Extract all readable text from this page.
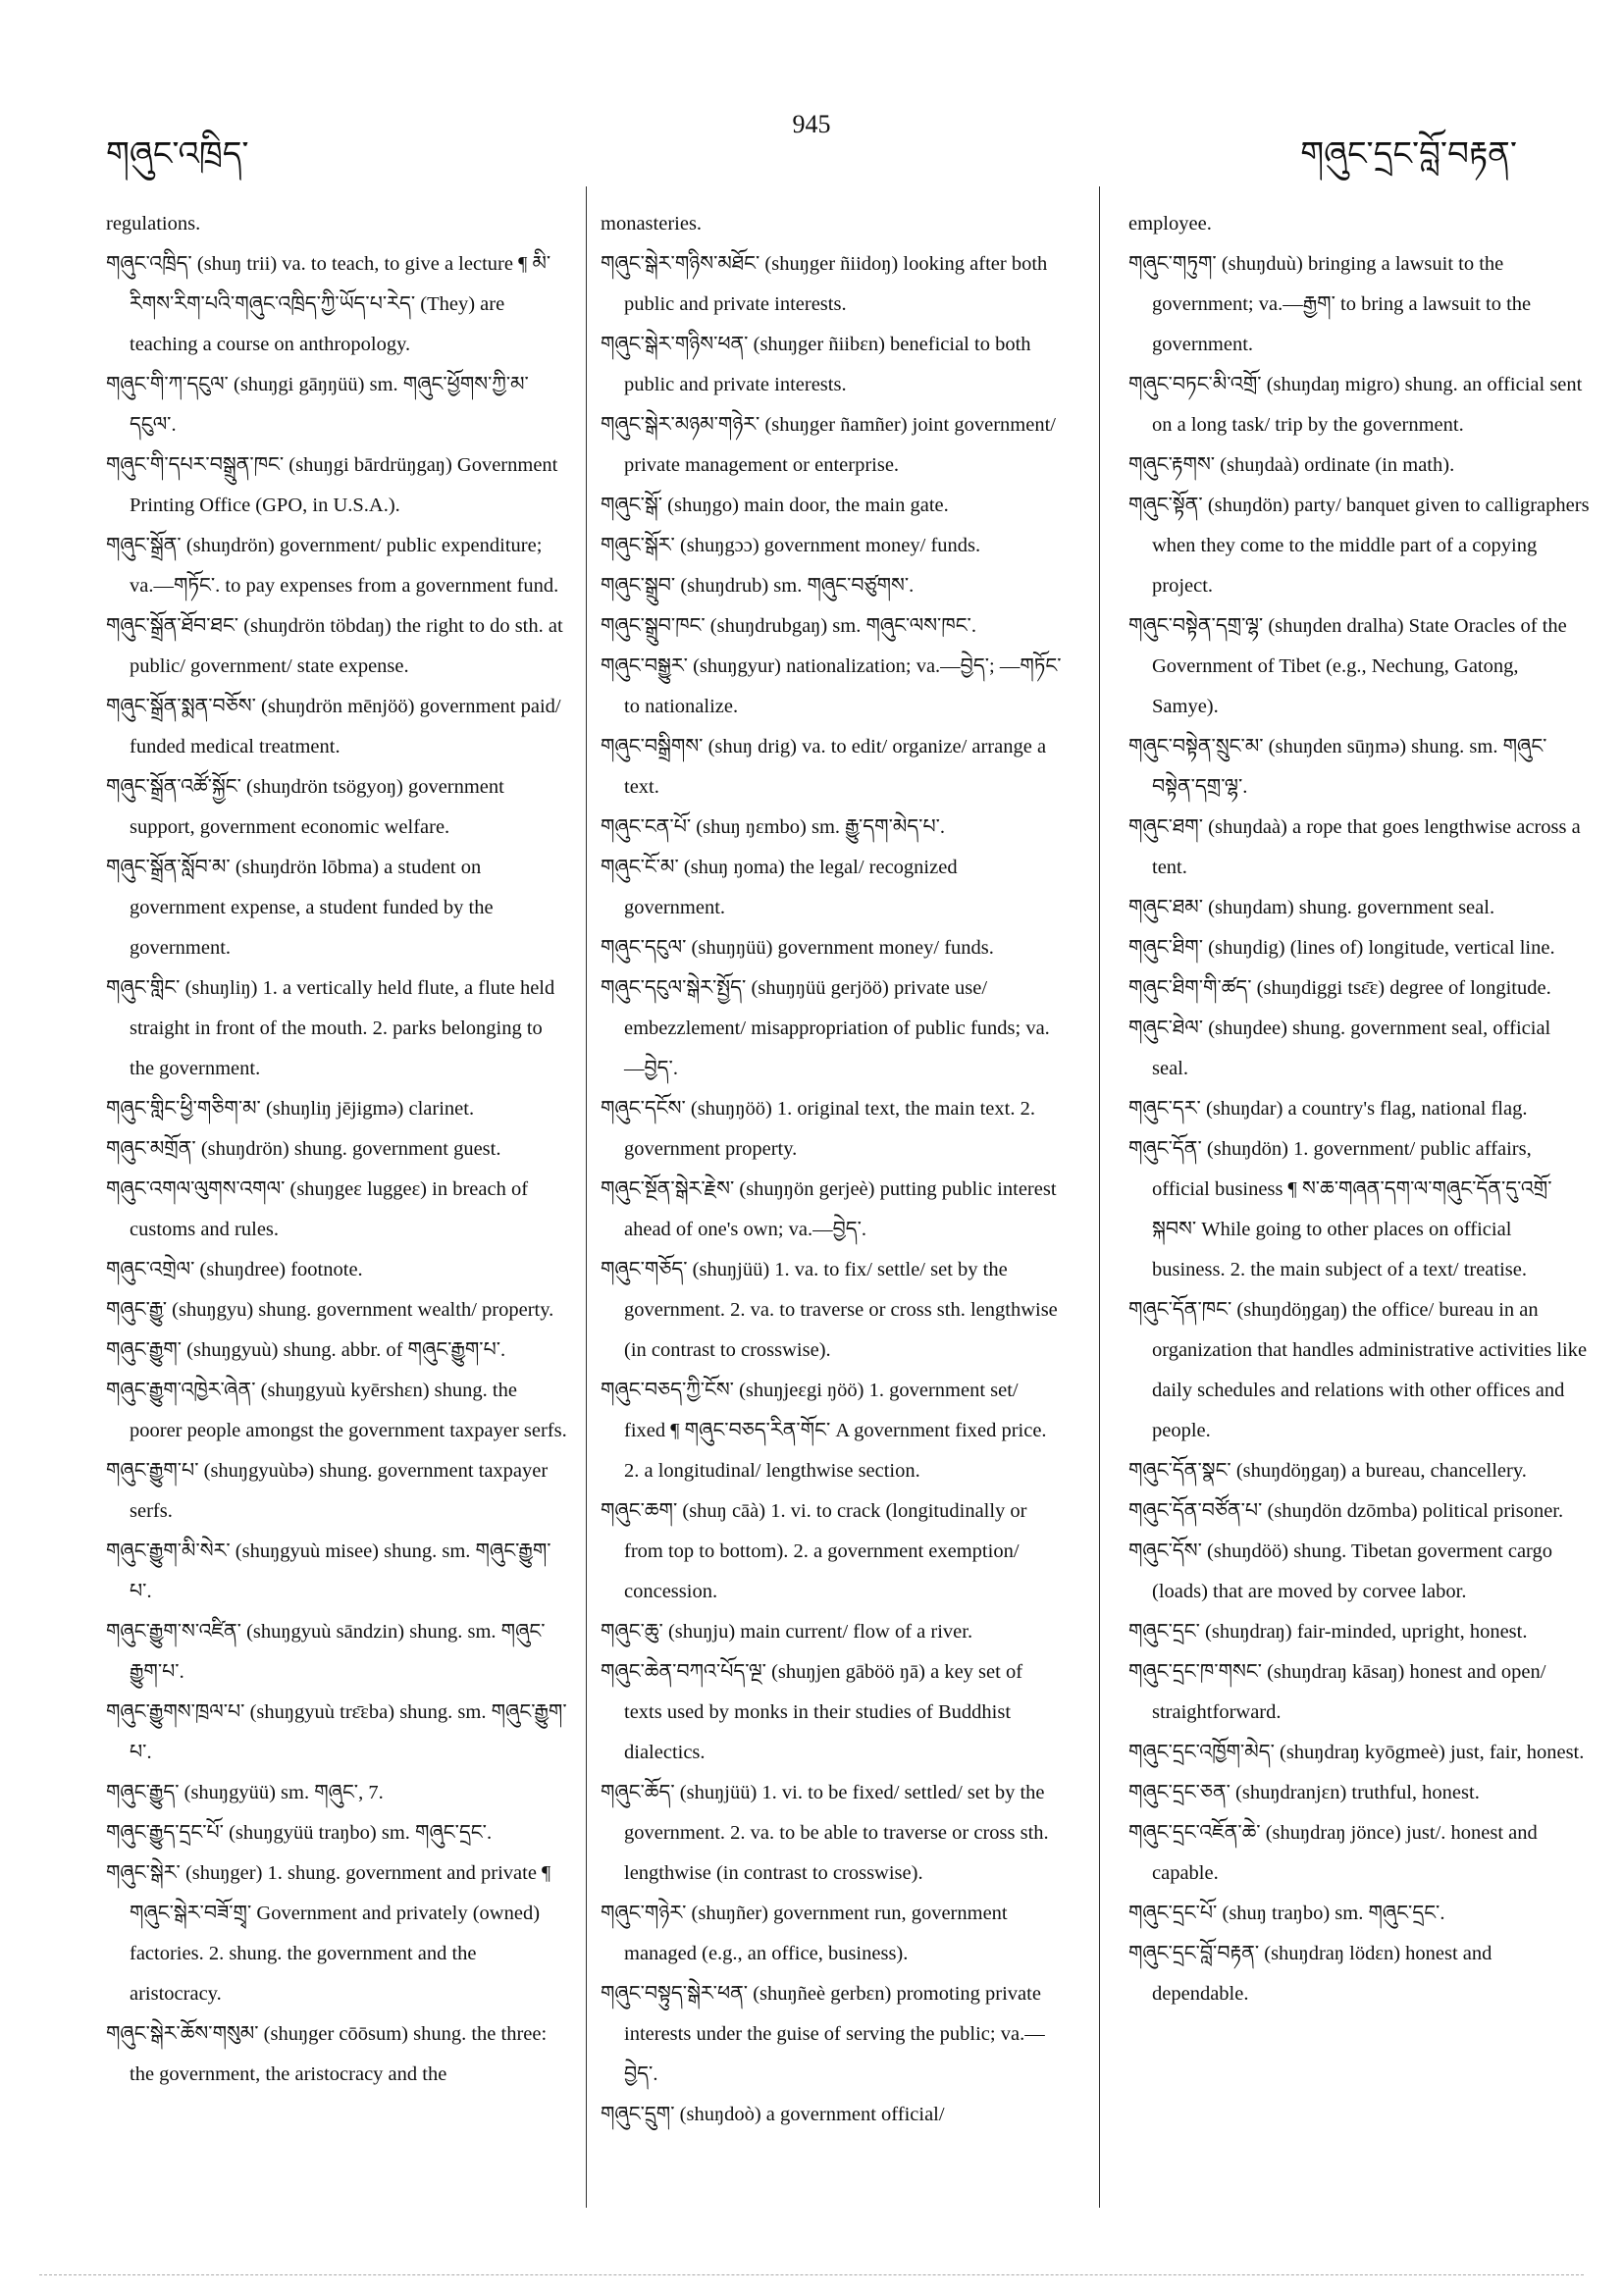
གཞུང་འཁྲིད་
945
གཞུང་དྲང་བློ་བརྟན་
regulations.
གཞུང་འཁྲིད་ (shuŋ trii) va. to teach, to give a lecture ¶ མི་རིགས་རིག་པའི་གཞུང་འཁྲིད་ཀྱི་ཡོད་པ་རེད་ (They) are teaching a course on anthropology.
གཞུང་གི་ཀ་དངུལ་ (shuŋgi gāŋŋüü) sm. གཞུང་ཕྱོགས་ཀྱི་མ་དངུལ་.
གཞུང་གི་དཔར་བསྒྲུན་ཁང་ (shuŋgi bārdrüŋgaŋ) Government Printing Office (GPO, in U.S.A.).
གཞུང་སྒྲོན་ (shuŋdrön) government/ public expenditure; va.—གཏོང་. to pay expenses from a government fund.
གཞུང་སྒྲོན་ཐོབ་ཐང་ (shuŋdrön töbdaŋ) the right to do sth. at public/ government/ state expense.
གཞུང་སྒྲོན་སྨན་བཅོས་ (shuŋdrön mēnjöö) government paid/ funded medical treatment.
གཞུང་སྒྲོན་འཚོ་སྐྱོང་ (shuŋdrön tsögyoŋ) government support, government economic welfare.
གཞུང་སྒྲོན་སློབ་མ་ (shuŋdrön lōbma) a student on government expense, a student funded by the government.
གཞུང་གླིང་ (shuŋliŋ) 1. a vertically held flute, a flute held straight in front of the mouth. 2. parks belonging to the government.
གཞུང་གླིང་ཕྱི་གཅིག་མ་ (shuŋliŋ jējigmə) clarinet.
གཞུང་མགྲོན་ (shuŋdrön) shung. government guest.
གཞུང་འགལ་ལུགས་འགལ་ (shuŋgeɛ luggeɛ) in breach of customs and rules.
གཞུང་འགྲེལ་ (shuŋdree) footnote.
གཞུང་རྒྱུ་ (shuŋgyu) shung. government wealth/ property.
གཞུང་རྒྱུག་ (shuŋgyuù) shung. abbr. of གཞུང་རྒྱུག་པ་.
གཞུང་རྒྱུག་འཁྱེར་ཞེན་ (shuŋgyuù kyērshɛn) shung. the poorer people amongst the government taxpayer serfs.
གཞུང་རྒྱུག་པ་ (shuŋgyuùbə) shung. government taxpayer serfs.
གཞུང་རྒྱུག་མི་སེར་ (shuŋgyuù misee) shung. sm. གཞུང་རྒྱུག་པ་.
གཞུང་རྒྱུག་ས་འཛིན་ (shuŋgyuù sāndzin) shung. sm. གཞུང་རྒྱུག་པ་.
གཞུང་རྒྱུགས་ཁྲལ་པ་ (shuŋgyuù trɛ̄ɛba) shung. sm. གཞུང་རྒྱུག་པ་.
གཞུང་རྒྱུད་ (shuŋgyüü) sm. གཞུང་, 7.
གཞུང་རྒྱུད་དྲང་པོ་ (shuŋgyüü traŋbo) sm. གཞུང་དྲང་.
གཞུང་སྒེར་ (shuŋger) 1. shung. government and private ¶ གཞུང་སྒེར་བཟོ་གྲྭ་ Government and privately (owned) factories. 2. shung. the government and the aristocracy.
གཞུང་སྒེར་ཆོས་གསུམ་ (shuŋger cōōsum) shung. the three: the government, the aristocracy and the
monasteries.
གཞུང་སྒེར་གཉིས་མཐོང་ (shuŋger ñiidoŋ) looking after both public and private interests.
གཞུང་སྒེར་གཉིས་ཕན་ (shuŋger ñiibɛn) beneficial to both public and private interests.
གཞུང་སྒེར་མཉམ་གཉེར་ (shuŋger ñamñer) joint government/ private management or enterprise.
གཞུང་སྒོ་ (shuŋgo) main door, the main gate.
གཞུང་སྒོར་ (shuŋgɔɔ) government money/ funds.
གཞུང་སྒྲུབ་ (shuŋdrub) sm. གཞུང་བཙུགས་.
གཞུང་སྒྲུབ་ཁང་ (shuŋdrubgaŋ) sm. གཞུང་ལས་ཁང་.
གཞུང་བསྒྱུར་ (shuŋgyur) nationalization; va.—བྱེད་; —གཏོང་ to nationalize.
གཞུང་བསྒྲིགས་ (shuŋ drig) va. to edit/ organize/ arrange a text.
གཞུང་ངན་པོ་ (shuŋ ŋɛmbo) sm. རྒྱུ་དག་མེད་པ་.
གཞུང་ངོ་མ་ (shuŋ ŋoma) the legal/ recognized government.
གཞུང་དངུལ་ (shuŋŋüü) government money/ funds.
གཞུང་དངུལ་སྒེར་སྤྱོད་ (shuŋŋüü gerjöö) private use/ embezzlement/ misappropriation of public funds; va.—བྱེད་.
གཞུང་དངོས་ (shuŋŋöö) 1. original text, the main text. 2. government property.
གཞུང་སྔོན་སྒེར་རྗེས་ (shuŋŋön gerjeè) putting public interest ahead of one's own; va.—བྱེད་.
གཞུང་གཅོད་ (shuŋjüü) 1. va. to fix/ settle/ set by the government. 2. va. to traverse or cross sth. lengthwise (in contrast to crosswise).
གཞུང་བཅད་ཀྱི་ངོས་ (shuŋjeɛgi ŋöö) 1. government set/ fixed ¶ གཞུང་བཅད་རིན་གོང་ A government fixed price. 2. a longitudinal/ lengthwise section.
གཞུང་ཆག་ (shuŋ cāà) 1. vi. to crack (longitudinally or from top to bottom). 2. a government exemption/ concession.
གཞུང་ཆུ་ (shuŋju) main current/ flow of a river.
གཞུང་ཆེན་བཀའ་པོད་ལྔ་ (shuŋjen gāböö ŋā) a key set of texts used by monks in their studies of Buddhist dialectics.
གཞུང་ཆོད་ (shuŋjüü) 1. vi. to be fixed/ settled/ set by the government. 2. va. to be able to traverse or cross sth. lengthwise (in contrast to crosswise).
གཞུང་གཉེར་ (shuŋñer) government run, government managed (e.g., an office, business).
གཞུང་བསྟུད་སྒེར་ཕན་ (shuŋñeè gerbɛn) promoting private interests under the guise of serving the public; va.—བྱེད་.
གཞུང་དྲུག་ (shuŋdoò) a government official/
employee.
གཞུང་གཏུག་ (shuŋduù) bringing a lawsuit to the government; va.—རྒྱག་ to bring a lawsuit to the government.
གཞུང་བཏང་མི་འགྲོ་ (shuŋdaŋ migro) shung. an official sent on a long task/ trip by the government.
གཞུང་རྟགས་ (shuŋdaà) ordinate (in math).
གཞུང་སྟོན་ (shuŋdön) party/ banquet given to calligraphers when they come to the middle part of a copying project.
གཞུང་བསྟེན་དགྲ་ལྷ་ (shuŋden dralha) State Oracles of the Government of Tibet (e.g., Nechung, Gatong, Samye).
གཞུང་བསྟེན་སྲུང་མ་ (shuŋden sūŋmə) shung. sm. གཞུང་བསྟེན་དགྲ་ལྷ་.
གཞུང་ཐག་ (shuŋdaà) a rope that goes lengthwise across a tent.
གཞུང་ཐམ་ (shuŋdam) shung. government seal.
གཞུང་ཐིག་ (shuŋdig) (lines of) longitude, vertical line.
གཞུང་ཐིག་གི་ཚད་ (shuŋdiggi tsɛ̄ɛ) degree of longitude.
གཞུང་ཐེལ་ (shuŋdee) shung. government seal, official seal.
གཞུང་དར་ (shuŋdar) a country's flag, national flag.
གཞུང་དོན་ (shuŋdön) 1. government/ public affairs, official business ¶ ས་ཆ་གཞན་དག་ལ་གཞུང་དོན་དུ་འགྲོ་སྐབས་ While going to other places on official business. 2. the main subject of a text/ treatise.
གཞུང་དོན་ཁང་ (shuŋdöŋgaŋ) the office/ bureau in an organization that handles administrative activities like daily schedules and relations with other offices and people.
གཞུང་དོན་སྣང་ (shuŋdöŋgaŋ) a bureau, chancellery.
གཞུང་དོན་བཙོན་པ་ (shuŋdön dzōmba) political prisoner.
གཞུང་དོས་ (shuŋdöö) shung. Tibetan goverment cargo (loads) that are moved by corvee labor.
གཞུང་དྲང་ (shuŋdraŋ) fair-minded, upright, honest.
གཞུང་དྲང་ཁ་གསང་ (shuŋdraŋ kāsaŋ) honest and open/ straightforward.
གཞུང་དྲང་འཁྱོག་མེད་ (shuŋdraŋ kyōgmeè) just, fair, honest.
གཞུང་དྲང་ཅན་ (shuŋdranjɛn) truthful, honest.
གཞུང་དྲང་འཇོན་ཆེ་ (shuŋdraŋ jönce) just/. honest and capable.
གཞུང་དྲང་པོ་ (shuŋ traŋbo) sm. གཞུང་དྲང་.
གཞུང་དྲང་བློ་བརྟན་ (shuŋdraŋ lödɛn) honest and dependable.
